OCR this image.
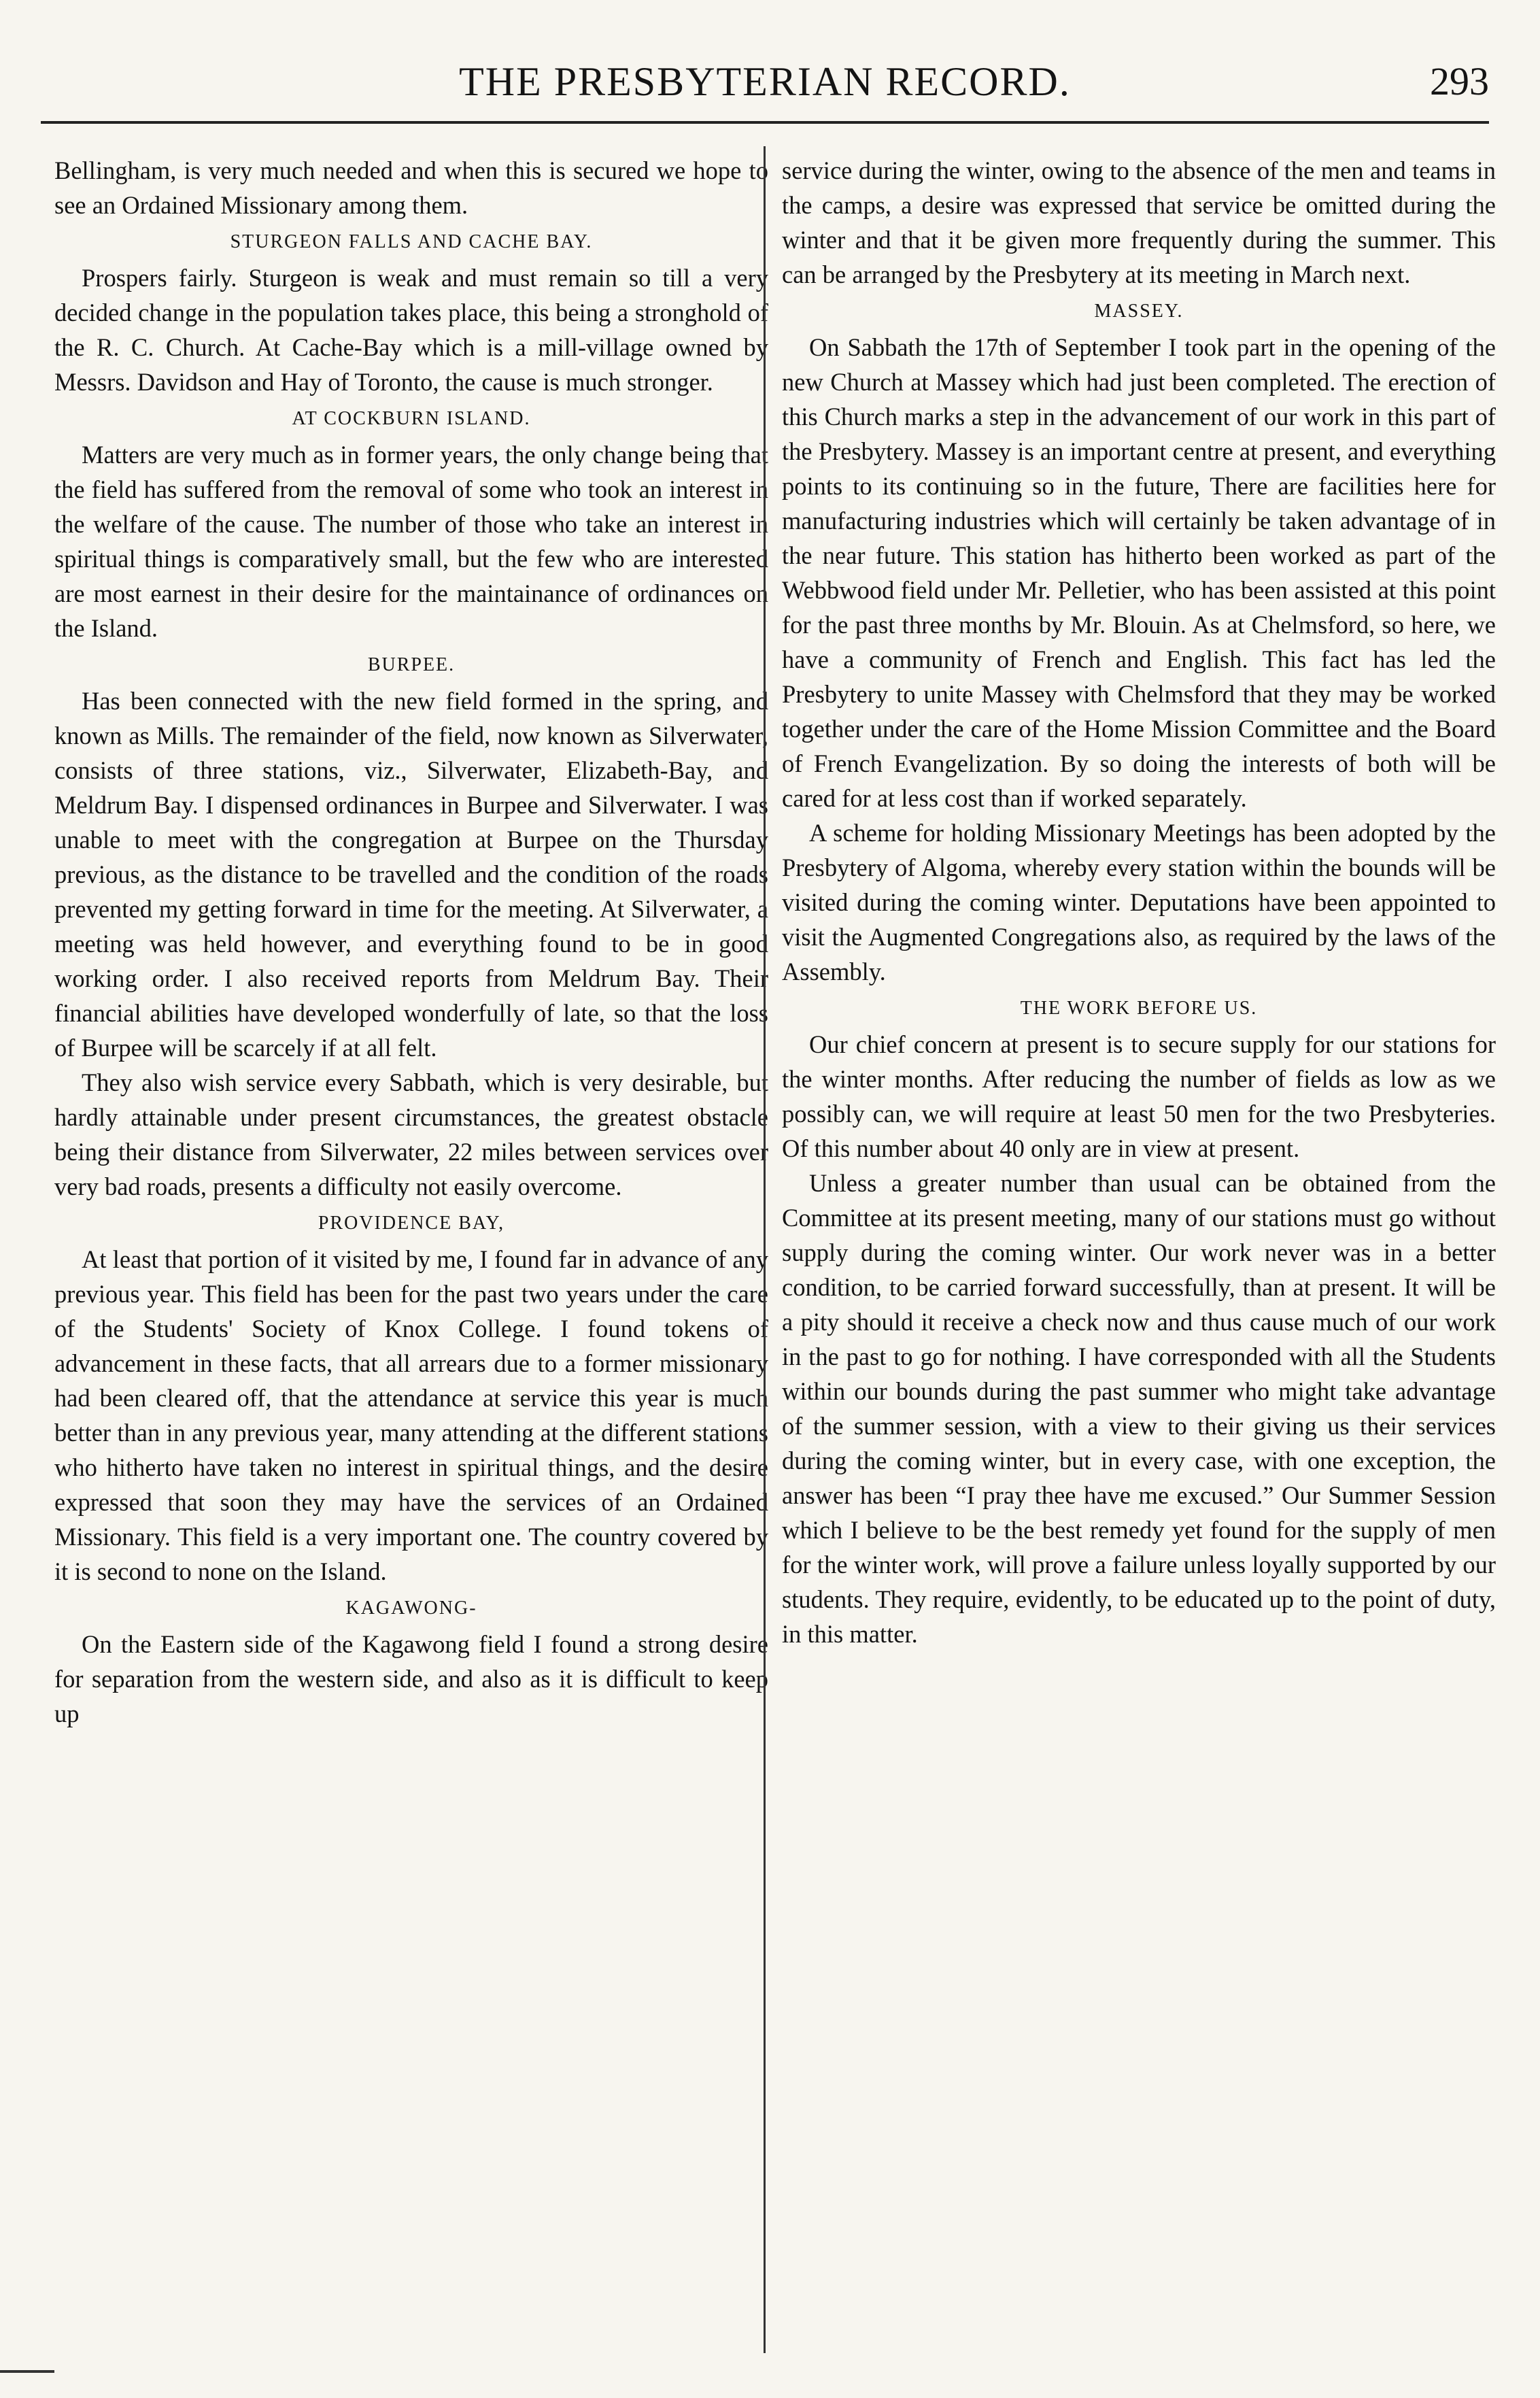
THE PRESBYTERIAN RECORD.	293

Bellingham, is very much needed and when this is secured we hope to see an Ordained Missionary among them.

STURGEON FALLS AND CACHE BAY.

Prospers fairly. Sturgeon is weak and must remain so till a very decided change in the population takes place, this being a stronghold of the R. C. Church. At Cache-Bay which is a mill-village owned by Messrs. Davidson and Hay of Toronto, the cause is much stronger.

AT COCKBURN ISLAND.

Matters are very much as in former years, the only change being that the field has suffered from the removal of some who took an interest in the welfare of the cause. The number of those who take an interest in spiritual things is comparatively small, but the few who are interested are most earnest in their desire for the maintainance of ordinances on the Island.

BURPEE.

Has been connected with the new field formed in the spring, and known as Mills. The remainder of the field, now known as Silverwater, consists of three stations, viz., Silverwater, Elizabeth-Bay, and Meldrum Bay. I dispensed ordinances in Burpee and Silverwater. I was unable to meet with the congregation at Burpee on the Thursday previous, as the distance to be travelled and the condition of the roads prevented my getting forward in time for the meeting. At Silverwater, a meeting was held however, and everything found to be in good working order. I also received reports from Meldrum Bay. Their financial abilities have developed wonderfully of late, so that the loss of Burpee will be scarcely if at all felt.

They also wish service every Sabbath, which is very desirable, but hardly attainable under present circumstances, the greatest obstacle being their distance from Silverwater, 22 miles between services over very bad roads, presents a difficulty not easily overcome.

PROVIDENCE BAY,

At least that portion of it visited by me, I found far in advance of any previous year. This field has been for the past two years under the care of the Students' Society of Knox College. I found tokens of advancement in these facts, that all arrears due to a former missionary had been cleared off, that the attendance at service this year is much better than in any previous year, many attending at the different stations who hitherto have taken no interest in spiritual things, and the desire expressed that soon they may have the services of an Ordained Missionary. This field is a very important one. The country covered by it is second to none on the Island.

KAGAWONG-

On the Eastern side of the Kagawong field I found a strong desire for separation from the western side, and also as it is difficult to keep up

service during the winter, owing to the absence of the men and teams in the camps, a desire was expressed that service be omitted during the winter and that it be given more frequently during the summer. This can be arranged by the Presbytery at its meeting in March next.

MASSEY.

On Sabbath the 17th of September I took part in the opening of the new Church at Massey which had just been completed. The erection of this Church marks a step in the advancement of our work in this part of the Presbytery. Massey is an important centre at present, and everything points to its continuing so in the future, There are facilities here for manufacturing industries which will certainly be taken advantage of in the near future. This station has hitherto been worked as part of the Webbwood field under Mr. Pelletier, who has been assisted at this point for the past three months by Mr. Blouin. As at Chelmsford, so here, we have a community of French and English. This fact has led the Presbytery to unite Massey with Chelmsford that they may be worked together under the care of the Home Mission Committee and the Board of French Evangelization. By so doing the interests of both will be cared for at less cost than if worked separately.

A scheme for holding Missionary Meetings has been adopted by the Presbytery of Algoma, whereby every station within the bounds will be visited during the coming winter. Deputations have been appointed to visit the Augmented Congregations also, as required by the laws of the Assembly.

THE WORK BEFORE US.

Our chief concern at present is to secure supply for our stations for the winter months. After reducing the number of fields as low as we possibly can, we will require at least 50 men for the two Presbyteries. Of this number about 40 only are in view at present.

Unless a greater number than usual can be obtained from the Committee at its present meeting, many of our stations must go without supply during the coming winter. Our work never was in a better condition, to be carried forward successfully, than at present. It will be a pity should it receive a check now and thus cause much of our work in the past to go for nothing. I have corresponded with all the Students within our bounds during the past summer who might take advantage of the summer session, with a view to their giving us their services during the coming winter, but in every case, with one exception, the answer has been “I pray thee have me excused.” Our Summer Session which I believe to be the best remedy yet found for the supply of men for the winter work, will prove a failure unless loyally supported by our students. They require, evidently, to be educated up to the point of duty, in this matter.
